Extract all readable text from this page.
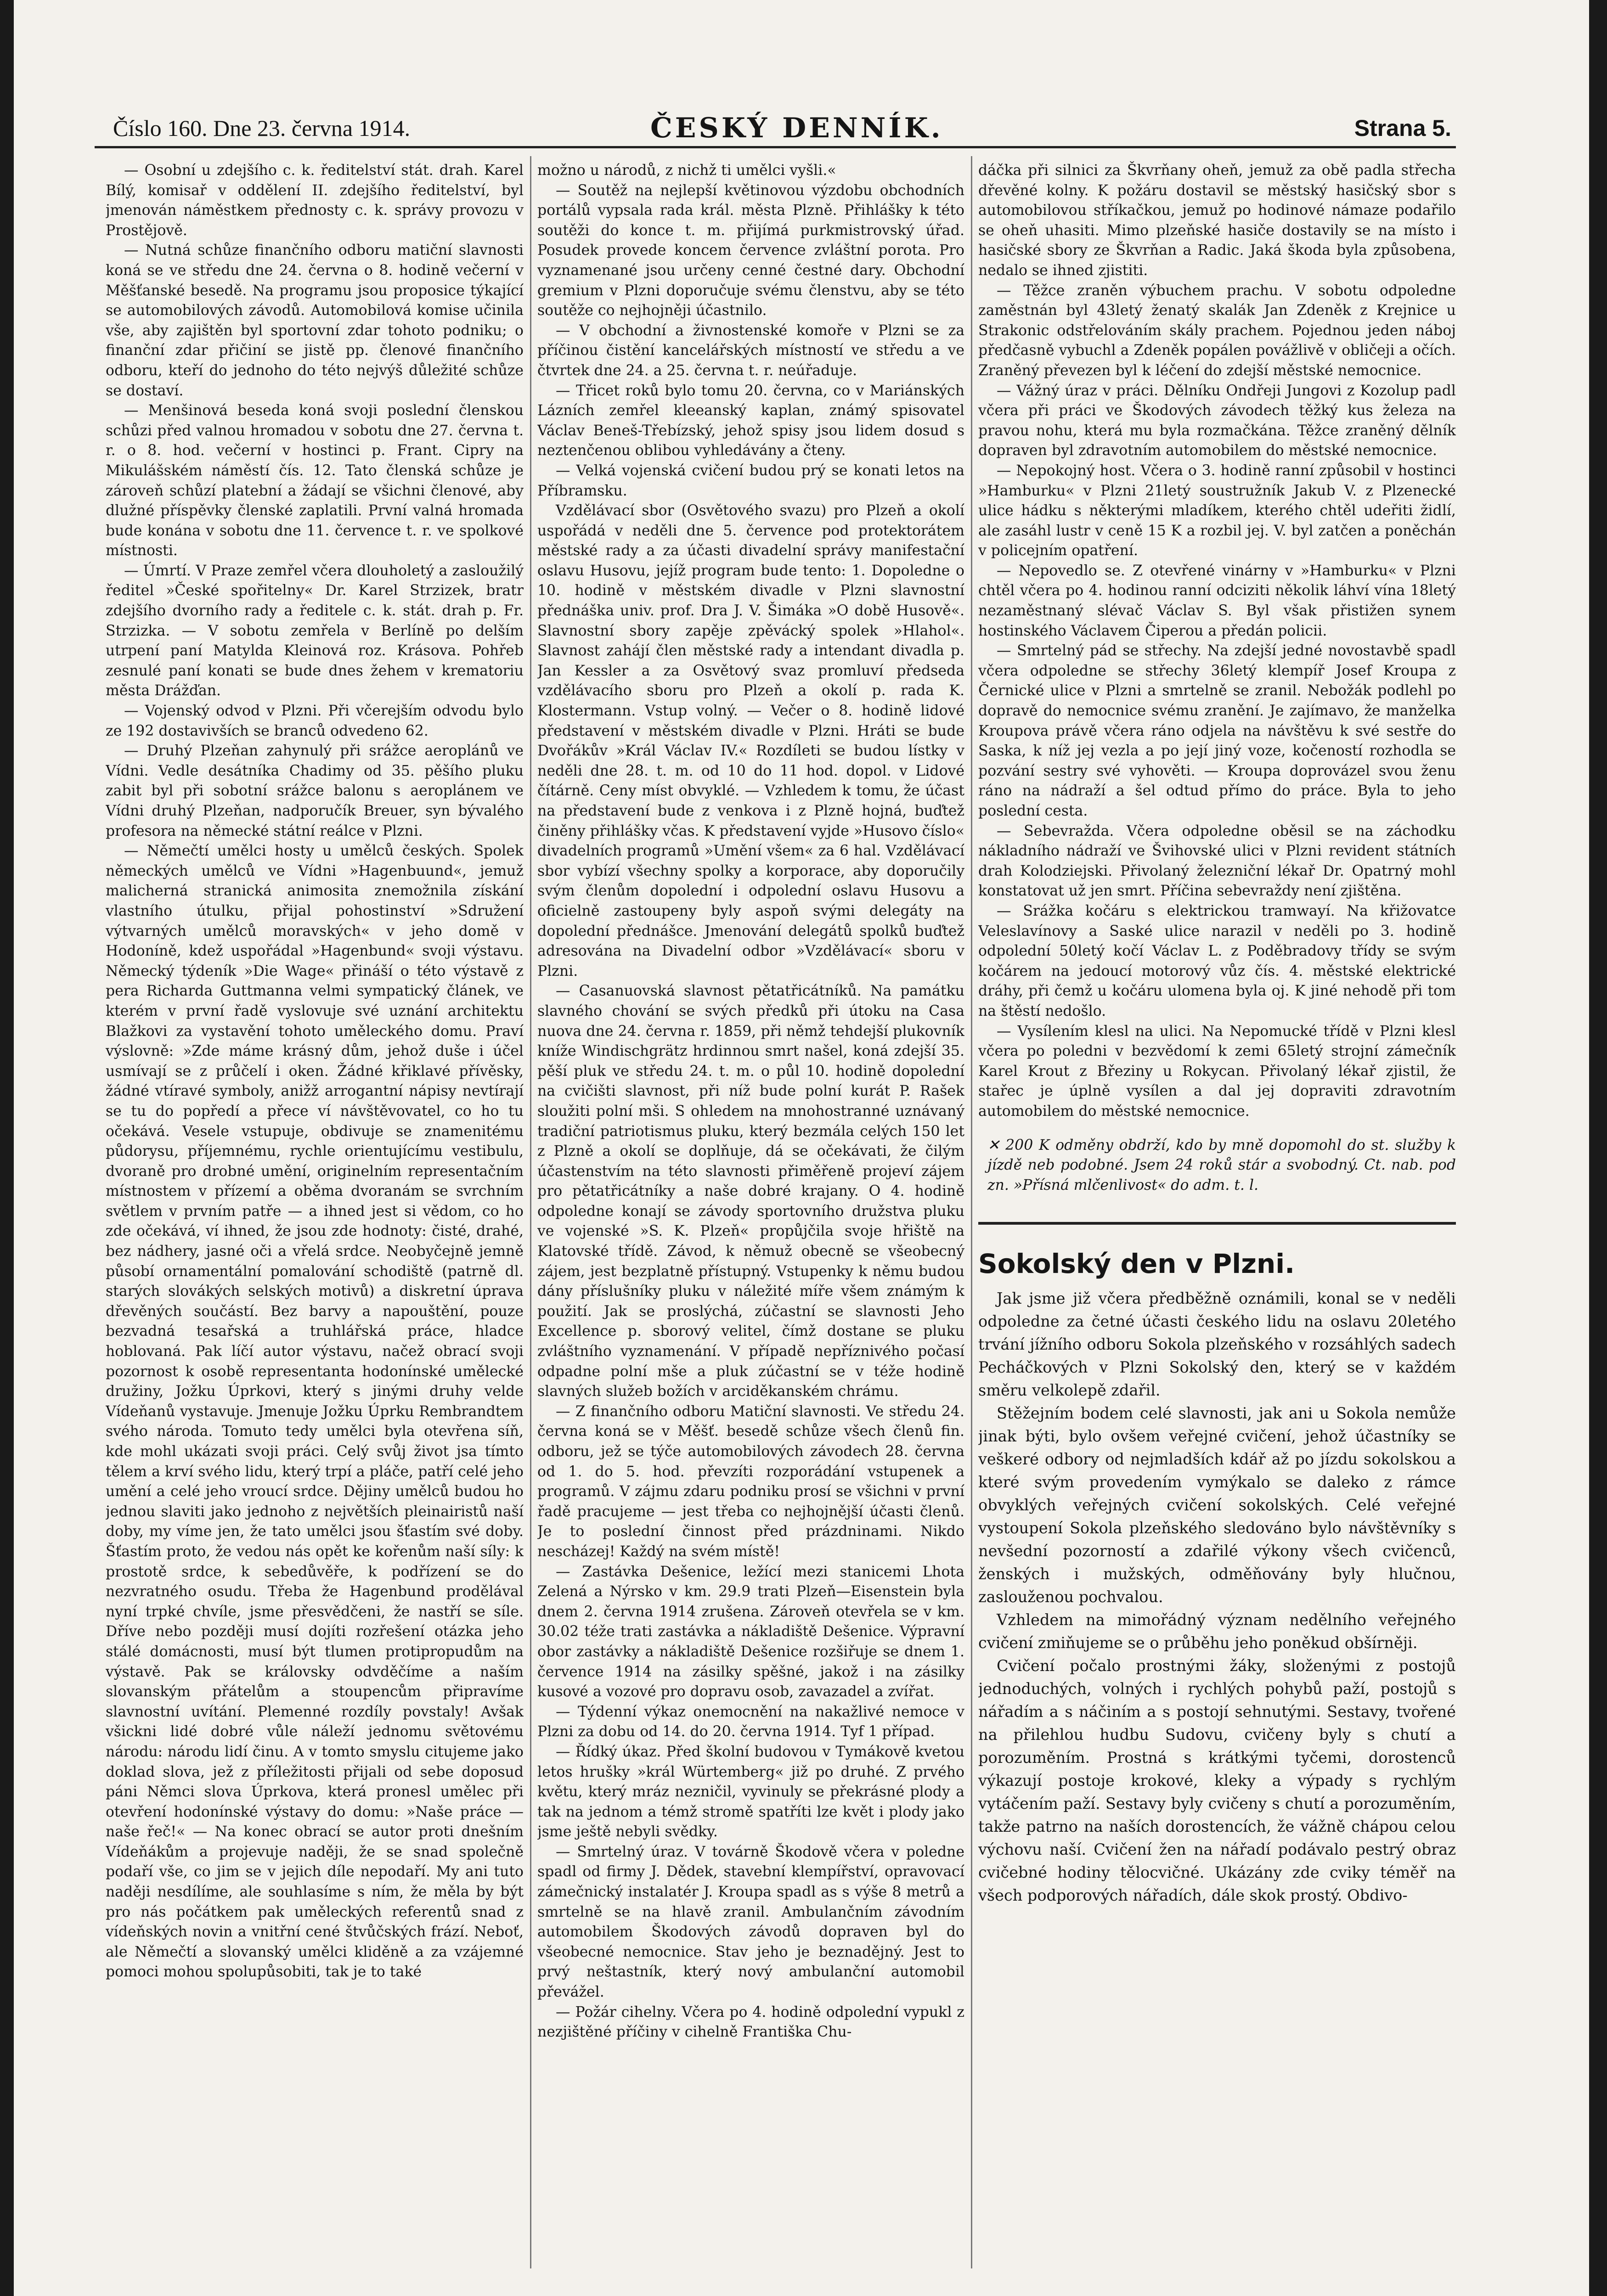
Číslo 160. Dne 23. června 1914.	ČESKÝ DENNÍK.	Strana 5.

— Osobní u zdejšího c. k. ředitelství stát. drah. Karel Bílý, komisař v oddělení II. zdejšího ředitelství, byl jmenován náměstkem přednosty c. k. správy provozu v Prostějově.

— Nutná schůze finančního odboru matiční slavnosti koná se ve středu dne 24. června o 8. hodině večerní v Měšťanské besedě. Na programu jsou proposice týkající se automobilových závodů. Automobilová komise učinila vše, aby zajištěn byl sportovní zdar tohoto podniku; o finanční zdar přičiní se jistě pp. členové finančního odboru, kteří do jednoho do této nejvýš důležité schůze se dostaví.

— Menšinová beseda koná svoji poslední členskou schůzi před valnou hromadou v sobotu dne 27. června t. r. o 8. hod. večerní v hostinci p. Frant. Cipry na Mikulášském náměstí čís. 12. Tato členská schůze je zároveň schůzí platební a žádají se všichni členové, aby dlužné příspěvky členské zaplatili. První valná hromada bude konána v sobotu dne 11. července t. r. ve spolkové místnosti.

— Úmrtí. V Praze zemřel včera dlouholetý a zasloužilý ředitel »České spořitelny« Dr. Karel Strzizek, bratr zdejšího dvorního rady a ředitele c. k. stát. drah p. Fr. Strzizka. — V sobotu zemřela v Berlíně po delším utrpení paní Matylda Kleinová roz. Krásova. Pohřeb zesnulé paní konati se bude dnes žehem v krematoriu města Drážďan.

— Vojenský odvod v Plzni. Při včerejším odvodu bylo ze 192 dostavivších se branců odvedeno 62.

— Druhý Plzeňan zahynulý při srážce aeroplánů ve Vídni. Vedle desátníka Chadimy od 35. pěšího pluku zabit byl při sobotní srážce balonu s aeroplánem ve Vídni druhý Plzeňan, nadporučík Breuer, syn bývalého profesora na německé státní reálce v Plzni.

— Němečtí umělci hosty u umělců českých. Spolek německých umělců ve Vídni »Hagenbuund«, jemuž malicherná stranická animosita znemožnila získání vlastního útulku, přijal pohostinství »Sdružení výtvarných umělců moravských« v jeho domě v Hodoníně, kdež uspořádal »Hagenbund« svoji výstavu. Německý týdeník »Die Wage« přináší o této výstavě z pera Richarda Guttmanna velmi sympatický článek, ve kterém v první řadě vyslovuje své uznání architektu Blažkovi za vystavění tohoto uměleckého domu. Praví výslovně: »Zde máme krásný dům, jehož duše i účel usmívají se z průčelí i oken. Žádné křiklavé přívěsky, žádné vtíravé symboly, anižž arrogantní nápisy nevtírají se tu do popředí a přece ví návštěvovatel, co ho tu očekává. Vesele vstupuje, obdivuje se znamenitému půdorysu, příjemnému, rychle orientujícímu vestibulu, dvoraně pro drobné umění, originelním representačním místnostem v přízemí a oběma dvoranám se svrchním světlem v prvním patře — a ihned jest si vědom, co ho zde očekává, ví ihned, že jsou zde hodnoty: čisté, drahé, bez nádhery, jasné oči a vřelá srdce. Neobyčejně jemně působí ornamentální pomalování schodiště (patrně dl. starých slovákých selských motivů) a diskretní úprava dřevěných součástí. Bez barvy a napouštění, pouze bezvadná tesařská a truhlářská práce, hladce hoblovaná. Pak líčí autor výstavu, načež obrací svoji pozornost k osobě representanta hodonínské umělecké družiny, Jožku Úprkovi, který s jinými druhy velde Vídeňanů vystavuje. Jmenuje Jožku Úprku Rembrandtem svého národa. Tomuto tedy umělci byla otevřena síň, kde mohl ukázati svoji práci. Celý svůj život jsa tímto tělem a krví svého lidu, který trpí a pláče, patří celé jeho umění a celé jeho vroucí srdce. Dějiny umělců budou ho jednou slaviti jako jednoho z největších pleinairistů naší doby, my víme jen, že tato umělci jsou šťastím své doby. Šťastím proto, že vedou nás opět ke kořenům naší síly: k prostotě srdce, k sebedůvěře, k podřízení se do nezvratného osudu. Třeba že Hagenbund prodělával nyní trpké chvíle, jsme přesvědčeni, že nastří se síle. Dříve nebo později musí dojíti rozřešení otázka jeho stálé domácnosti, musí být tlumen protipropudům na výstavě. Pak se královsky odvděčíme a naším slovanským přátelům a stoupencům připravíme slavnostní uvítání. Plemenné rozdíly povstaly! Avšak všickni lidé dobré vůle náleží jednomu světovému národu: národu lidí činu. A v tomto smyslu citujeme jako doklad slova, jež z příležitosti přijali od sebe doposud páni Němci slova Úprkova, která pronesl umělec při otevření hodonínské výstavy do domu: »Naše práce — naše řeč!« — Na konec obrací se autor proti dnešním Vídeňákům a projevuje naději, že se snad společně podaří vše, co jim se v jejich díle nepodaří. My ani tuto naději nesdílíme, ale souhlasíme s ním, že měla by být pro nás počátkem pak uměleckých referentů snad z vídeňských novin a vnitřní cené štvůčských frází. Neboť, ale Němečtí a slovanský umělci kliděně a za vzájemné pomoci mohou spolupůsobiti, tak je to také

možno u národů, z nichž ti umělci vyšli.«

— Soutěž na nejlepší květinovou výzdobu obchodních portálů vypsala rada král. města Plzně. Přihlášky k této soutěži do konce t. m. přijímá purkmistrovský úřad. Posudek provede koncem července zvláštní porota. Pro vyznamenané jsou určeny cenné čestné dary. Obchodní gremium v Plzni doporučuje svému členstvu, aby se této soutěže co nejhojněji účastnilo.

— V obchodní a živnostenské komoře v Plzni se za příčinou čistění kancelářských místností ve středu a ve čtvrtek dne 24. a 25. června t. r. neúřaduje.

— Třicet roků bylo tomu 20. června, co v Mariánských Lázních zemřel kleeanský kaplan, známý spisovatel Václav Beneš-Třebízský, jehož spisy jsou lidem dosud s neztenčenou oblibou vyhledávány a čteny.

— Velká vojenská cvičení budou prý se konati letos na Příbramsku.

Vzdělávací sbor (Osvětového svazu) pro Plzeň a okolí uspořádá v neděli dne 5. července pod protektorátem městské rady a za účasti divadelní správy manifestační oslavu Husovu, jejíž program bude tento: 1. Dopoledne o 10. hodině v městském divadle v Plzni slavnostní přednáška univ. prof. Dra J. V. Šimáka »O době Husově«. Slavnostní sbory zapěje zpěvácký spolek »Hlahol«. Slavnost zahájí člen městské rady a intendant divadla p. Jan Kessler a za Osvětový svaz promluví předseda vzdělávacího sboru pro Plzeň a okolí p. rada K. Klostermann. Vstup volný. — Večer o 8. hodině lidové představení v městském divadle v Plzni. Hráti se bude Dvořákův »Král Václav IV.« Rozdíleti se budou lístky v neděli dne 28. t. m. od 10 do 11 hod. dopol. v Lidové čítárně. Ceny míst obvyklé. — Vzhledem k tomu, že účast na představení bude z venkova i z Plzně hojná, buďtež činěny přihlášky včas. K představení vyjde »Husovo číslo« divadelních programů »Umění všem« za 6 hal. Vzdělávací sbor vybízí všechny spolky a korporace, aby doporučily svým členům dopolední i odpolední oslavu Husovu a oficielně zastoupeny byly aspoň svými delegáty na dopolední přednášce. Jmenování delegátů spolků buďtež adresována na Divadelní odbor »Vzdělávací« sboru v Plzni.

— Casanuovská slavnost pětatřicátníků. Na památku slavného chování se svých předků při útoku na Casa nuova dne 24. června r. 1859, při němž tehdejší plukovník kníže Windischgrätz hrdinnou smrt našel, koná zdejší 35. pěší pluk ve středu 24. t. m. o půl 10. hodině dopolední na cvičišti slavnost, při níž bude polní kurát P. Rašek sloužiti polní mši. S ohledem na mnohostranné uznávaný tradiční patriotismus pluku, který bezmála celých 150 let z Plzně a okolí se doplňuje, dá se očekávati, že čilým účastenstvím na této slavnosti přiměřeně projeví zájem pro pětatřicátníky a naše dobré krajany. O 4. hodině odpoledne konají se závody sportovního družstva pluku ve vojenské »S. K. Plzeň« propůjčila svoje hřiště na Klatovské třídě. Závod, k němuž obecně se všeobecný zájem, jest bezplatně přístupný. Vstupenky k němu budou dány příslušníky pluku v náležité míře všem známým k použití. Jak se proslýchá, zúčastní se slavnosti Jeho Excellence p. sborový velitel, čímž dostane se pluku zvláštního vyznamenání. V případě nepříznivého počasí odpadne polní mše a pluk zúčastní se v téže hodině slavných služeb božích v arciděkanském chrámu.

— Z finančního odboru Matiční slavnosti. Ve středu 24. června koná se v Měšť. besedě schůze všech členů fin. odboru, jež se týče automobilových závodech 28. června od 1. do 5. hod. převzíti rozporádání vstupenek a programů. V zájmu zdaru podniku prosí se všichni v první řadě pracujeme — jest třeba co nejhojnější účasti členů. Je to poslední činnost před prázdninami. Nikdo nescházej! Každý na svém místě!

— Zastávka Dešenice, ležící mezi stanicemi Lhota Zelená a Nýrsko v km. 29.9 trati Plzeň—Eisenstein byla dnem 2. června 1914 zrušena. Zároveň otevřela se v km. 30.02 téže trati zastávka a nákladiště Dešenice. Výpravní obor zastávky a nákladiště Dešenice rozšiřuje se dnem 1. července 1914 na zásilky spěšné, jakož i na zásilky kusové a vozové pro dopravu osob, zavazadel a zvířat.

— Týdenní výkaz onemocnění na nakažlivé nemoce v Plzni za dobu od 14. do 20. června 1914. Tyf 1 případ.

— Řídký úkaz. Před školní budovou v Tymákově kvetou letos hrušky »král Würtemberg« již po druhé. Z prvého květu, který mráz nezničil, vyvinuly se překrásné plody a tak na jednom a témž stromě spatříti lze květ i plody jako jsme ještě nebyli svědky.

— Smrtelný úraz. V továrně Škodově včera v poledne spadl od firmy J. Dědek, stavební klempířství, opravovací zámečnický instalatér J. Kroupa spadl as s výše 8 metrů a smrtelně se na hlavě zranil. Ambulančním závodním automobilem Škodových závodů dopraven byl do všeobecné nemocnice. Stav jeho je beznadějný. Jest to prvý neštastník, který nový ambulanční automobil převážel.

— Požár cihelny. Včera po 4. hodině odpolední vypukl z nezjištěné příčiny v cihelně Františka Chu-

dáčka při silnici za Škvrňany oheň, jemuž za obě padla střecha dřevěné kolny. K požáru dostavil se městský hasičský sbor s automobilovou stříkačkou, jemuž po hodinové námaze podařilo se oheň uhasiti. Mimo plzeňské hasiče dostavily se na místo i hasičské sbory ze Škvrňan a Radic. Jaká škoda byla způsobena, nedalo se ihned zjistiti.

— Těžce zraněn výbuchem prachu. V sobotu odpoledne zaměstnán byl 43letý ženatý skalák Jan Zdeněk z Krejnice u Strakonic odstřelováním skály prachem. Pojednou jeden náboj předčasně vybuchl a Zdeněk popálen povážlivě v obličeji a očích. Zraněný převezen byl k léčení do zdejší městské nemocnice.

— Vážný úraz v práci. Dělníku Ondřeji Jungovi z Kozolup padl včera při práci ve Škodových závodech těžký kus železa na pravou nohu, která mu byla rozmačkána. Těžce zraněný dělník dopraven byl zdravotním automobilem do městské nemocnice.

— Nepokojný host. Včera o 3. hodině ranní způsobil v hostinci »Hamburku« v Plzni 21letý soustružník Jakub V. z Plzenecké ulice hádku s některými mladíkem, kterého chtěl udeřiti židlí, ale zasáhl lustr v ceně 15 K a rozbil jej. V. byl zatčen a poněchán v policejním opatření.

— Nepovedlo se. Z otevřené vinárny v »Hamburku« v Plzni chtěl včera po 4. hodinou ranní odciziti několik láhví vína 18letý nezaměstnaný slévač Václav S. Byl však přistižen synem hostinského Václavem Čiperou a předán policii.

— Smrtelný pád se střechy. Na zdejší jedné novostavbě spadl včera odpoledne se střechy 36letý klempíř Josef Kroupa z Černické ulice v Plzni a smrtelně se zranil. Nebožák podlehl po dopravě do nemocnice svému zranění. Je zajímavo, že manželka Kroupova právě včera ráno odjela na návštěvu k své sestře do Saska, k níž jej vezla a po její jiný voze, kočeností rozhodla se pozvání sestry své vyhověti. — Kroupa doprovázel svou ženu ráno na nádraží a šel odtud přímo do práce. Byla to jeho poslední cesta.

— Sebevražda. Včera odpoledne oběsil se na záchodku nákladního nádraží ve Švihovské ulici v Plzni revident státních drah Kolodziejski. Přivolaný železniční lékař Dr. Opatrný mohl konstatovat už jen smrt. Příčina sebevraždy není zjištěna.

— Srážka kočáru s elektrickou tramwayí. Na křižovatce Veleslavínovy a Saské ulice narazil v neděli po 3. hodině odpolední 50letý kočí Václav L. z Poděbradovy třídy se svým kočárem na jedoucí motorový vůz čís. 4. městské elektrické dráhy, při čemž u kočáru ulomena byla oj. K jiné nehodě při tom na štěstí nedošlo.

— Vysílením klesl na ulici. Na Nepomucké třídě v Plzni klesl včera po poledni v bezvědomí k zemi 65letý strojní zámečník Karel Krout z Březiny u Rokycan. Přivolaný lékař zjistil, že stařec je úplně vysílen a dal jej dopraviti zdravotním automobilem do městské nemocnice.

✕ 200 K odměny obdrží, kdo by mně dopomohl do st. služby k jízdě neb podobné. Jsem 24 roků stár a svobodný. Ct. nab. pod zn. »Přísná mlčenlivost« do adm. t. l.

Sokolský den v Plzni.

Jak jsme již včera předběžně oznámili, konal se v neděli odpoledne za četné účasti českého lidu na oslavu 20letého trvání jížního odboru Sokola plzeňského v rozsáhlých sadech Pecháčkových v Plzni Sokolský den, který se v každém směru velkolepě zdařil.

Stěžejním bodem celé slavnosti, jak ani u Sokola nemůže jinak býti, bylo ovšem veřejné cvičení, jehož účastníky se veškeré odbory od nejmladších kdář až po jízdu sokolskou a které svým provedením vymýkalo se daleko z rámce obvyklých veřejných cvičení sokolských. Celé veřejné vystoupení Sokola plzeňského sledováno bylo návštěvníky s nevšední pozorností a zdařilé výkony všech cvičenců, ženských i mužských, odměňovány byly hlučnou, zaslouženou pochvalou.

Vzhledem na mimořádný význam nedělního veřejného cvičení zmiňujeme se o průběhu jeho poněkud obšírněji.

Cvičení počalo prostnými žáky, složenými z postojů jednoduchých, volných i rychlých pohybů paží, postojů s nářadím a s náčiním a s postojí sehnutými. Sestavy, tvořené na přilehlou hudbu Sudovu, cvičeny byly s chutí a porozuměním. Prostná s krátkými tyčemi, dorostenců výkazují postoje krokové, kleky a výpady s rychlým vytáčením paží. Sestavy byly cvičeny s chutí a porozuměním, takže patrno na naších dorostencích, že vážně chápou celou výchovu naší. Cvičení žen na nářadí podávalo pestrý obraz cvičebné hodiny tělocvičné. Ukázány zde cviky téměř na všech podporových nářadích, dále skok prostý. Obdivo-
